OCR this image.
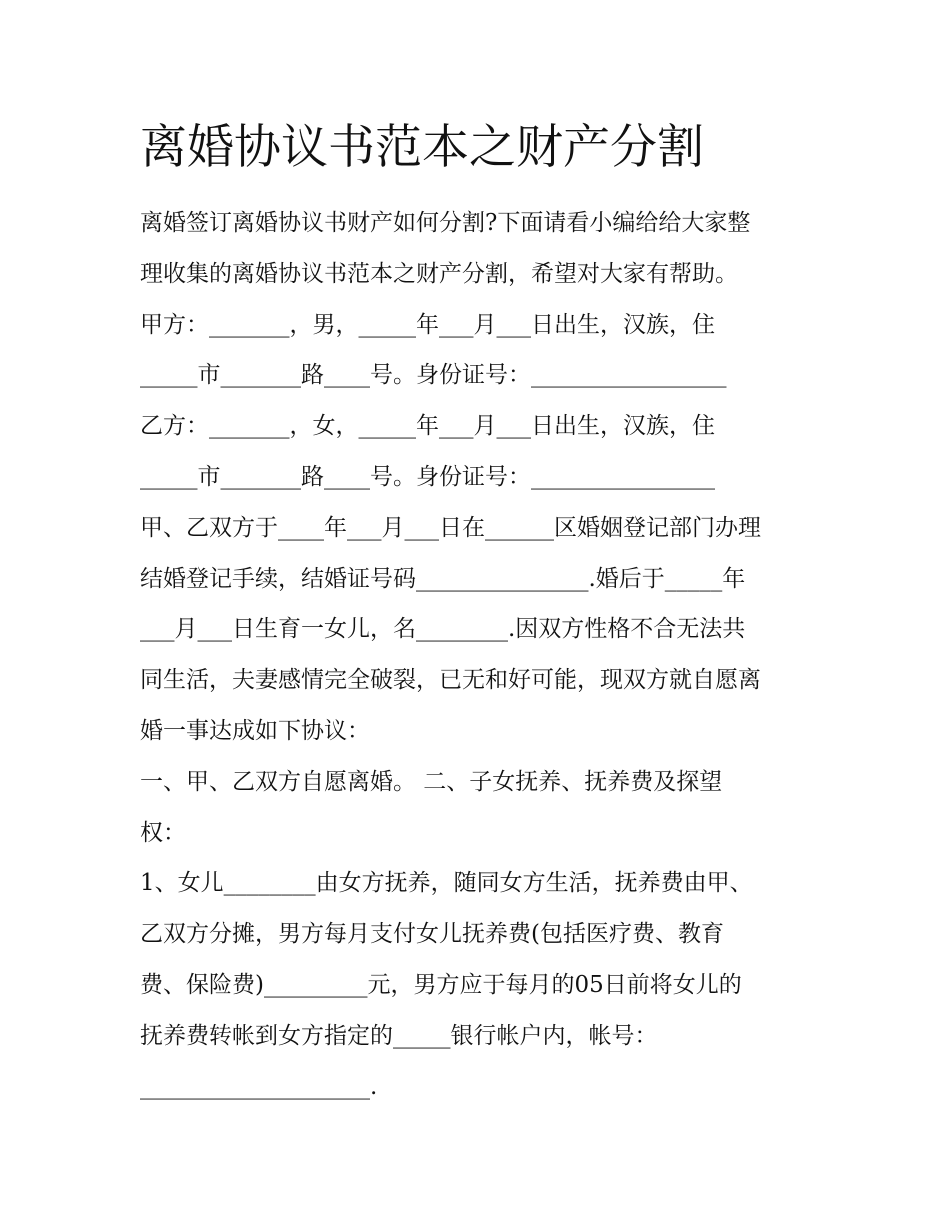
离婚协议书范本之财产分割

离婚签订离婚协议书财产如何分割?下面请看小编给给大家整

理收集的离婚协议书范本之财产分割，希望对大家有帮助。

甲方：_______，男，_____年___月___日出生，汉族，住

_____市_______路____号。身份证号：_________________

乙方：_______，女，_____年___月___日出生，汉族，住

_____市_______路____号。身份证号：________________

甲、乙双方于____年___月___日在______区婚姻登记部门办理

结婚登记手续，结婚证号码_______________.婚后于_____年

___月___日生育一女儿，名________.因双方性格不合无法共

同生活，夫妻感情完全破裂，已无和好可能，现双方就自愿离

婚一事达成如下协议：

一、甲、乙双方自愿离婚。 二、子女抚养、抚养费及探望

权：

1、女儿________由女方抚养，随同女方生活，抚养费由甲、

乙双方分摊，男方每月支付女儿抚养费(包括医疗费、教育

费、保险费)_________元，男方应于每月的05日前将女儿的

抚养费转帐到女方指定的_____银行帐户内，帐号：

____________________.
